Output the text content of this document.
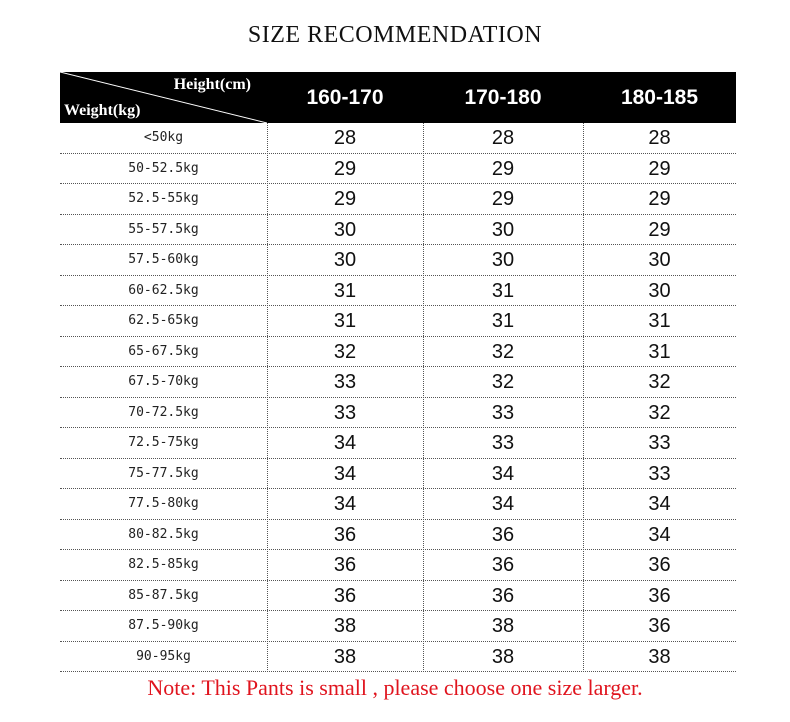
SIZE RECOMMENDATION
Height(cm)
Weight(kg)
160-170	170-180	180-185
<50kg	28	28	28
50-52.5kg	29	29	29
52.5-55kg	29	29	29
55-57.5kg	30	30	29
57.5-60kg	30	30	30
60-62.5kg	31	31	30
62.5-65kg	31	31	31
65-67.5kg	32	32	31
67.5-70kg	33	32	32
70-72.5kg	33	33	32
72.5-75kg	34	33	33
75-77.5kg	34	34	33
77.5-80kg	34	34	34
80-82.5kg	36	36	34
82.5-85kg	36	36	36
85-87.5kg	36	36	36
87.5-90kg	38	38	36
90-95kg	38	38	38
Note: This Pants is small , please choose one size larger.
